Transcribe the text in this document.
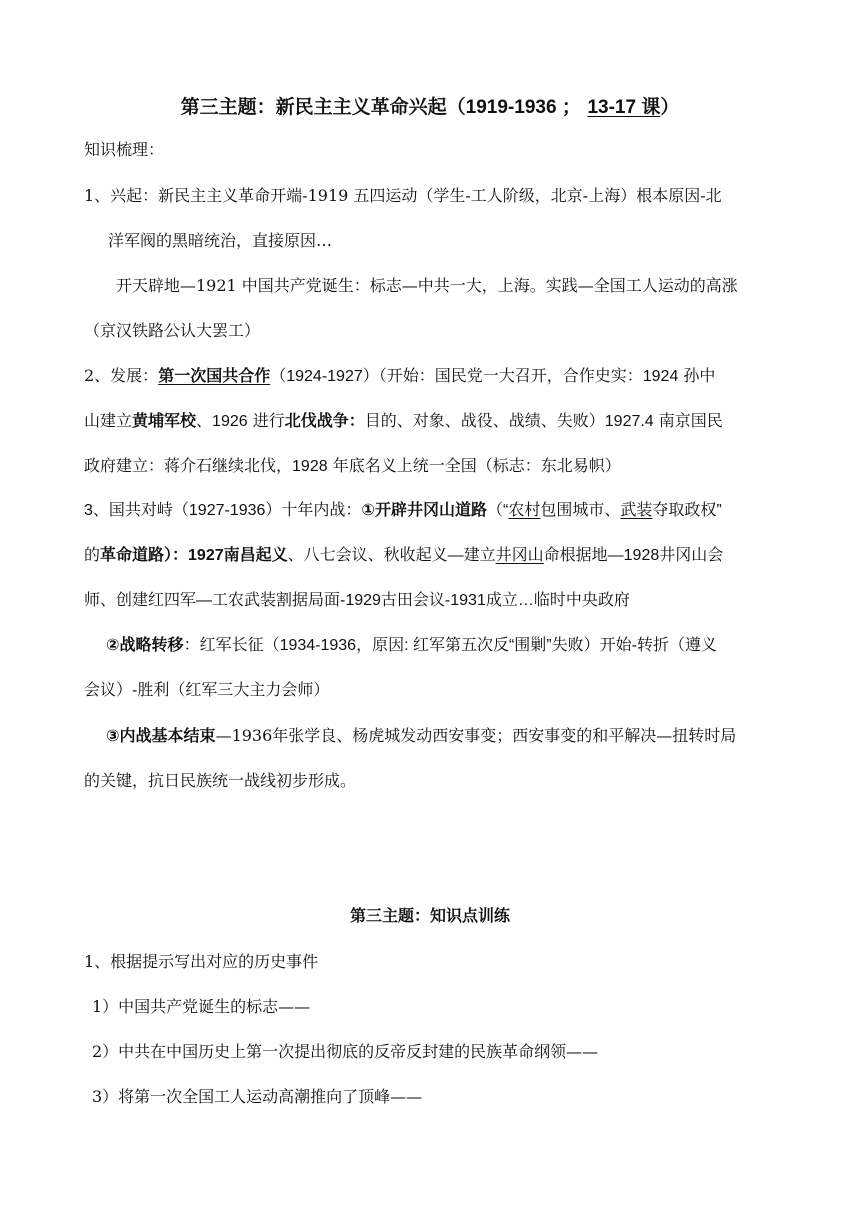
第三主题：新民主主义革命兴起（1919-1936 ； 13-17 课）
知识梳理：
1、兴起：新民主主义革命开端-1919 五四运动（学生-工人阶级，北京-上海）根本原因-北
洋军阀的黑暗统治，直接原因…
开天辟地—1921 中国共产党诞生：标志—中共一大，上海。实践—全国工人运动的高涨
（京汉铁路公认大罢工）
2、发展：第一次国共合作（1924-1927）（开始：国民党一大召开，合作史实：1924 孙中
山建立黄埔军校、1926 进行北伐战争：目的、对象、战役、战绩、失败）1927.4 南京国民
政府建立：蒋介石继续北伐，1928 年底名义上统一全国（标志：东北易帜）
3、国共对峙（1927-1936）十年内战：①开辟井冈山道路（“农村包围城市、武装夺取政权”
的革命道路）：1927南昌起义、八七会议、秋收起义—建立井冈山命根据地—1928井冈山会
师、创建红四军—工农武装割据局面-1929古田会议-1931成立…临时中央政府
②战略转移：红军长征（1934-1936，原因: 红军第五次反“围剿”失败）开始-转折（遵义
会议）-胜利（红军三大主力会师）
③内战基本结束—1936年张学良、杨虎城发动西安事变；西安事变的和平解决—扭转时局
的关键，抗日民族统一战线初步形成。
第三主题：知识点训练
1、根据提示写出对应的历史事件
1）中国共产党诞生的标志——
2）中共在中国历史上第一次提出彻底的反帝反封建的民族革命纲领——
3）将第一次全国工人运动高潮推向了顶峰——
